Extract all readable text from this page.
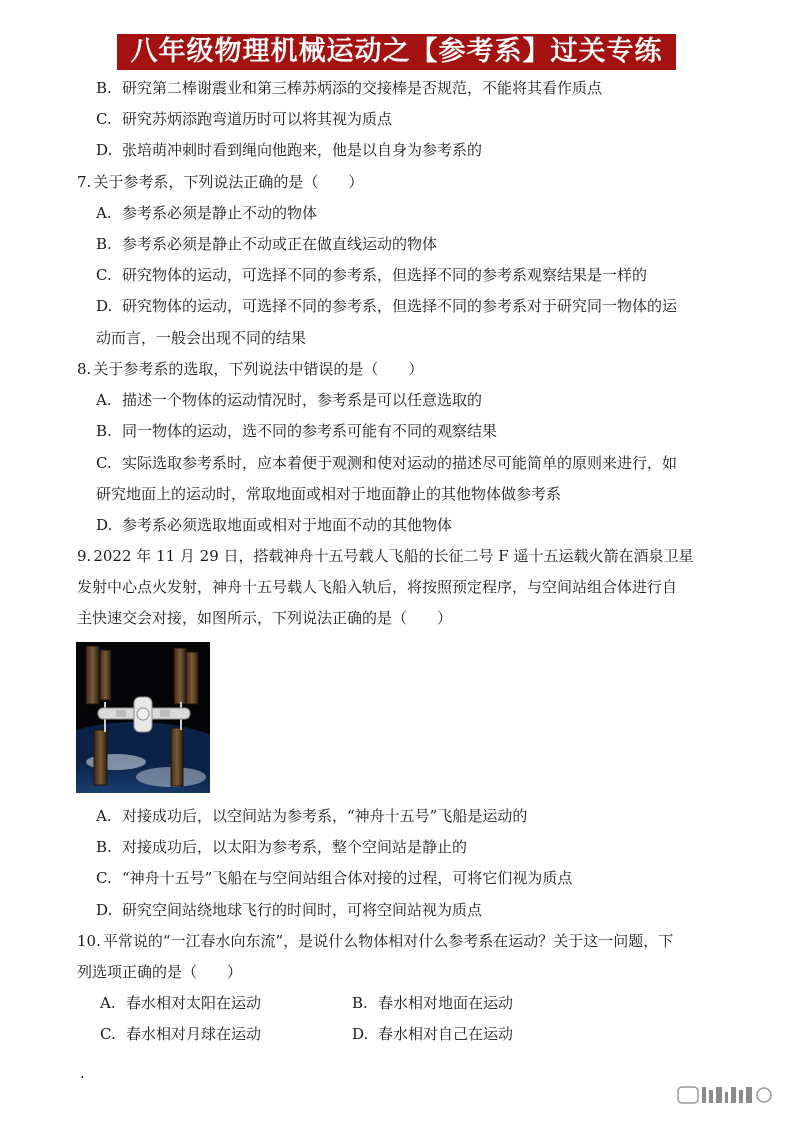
八年级物理机械运动之【参考系】过关专练
B. 研究第二棒谢震业和第三棒苏炳添的交接棒是否规范，不能将其看作质点
C. 研究苏炳添跑弯道历时可以将其视为质点
D. 张培萌冲刺时看到绳向他跑来，他是以自身为参考系的
7. 关于参考系，下列说法正确的是（　　）
A. 参考系必须是静止不动的物体
B. 参考系必须是静止不动或正在做直线运动的物体
C. 研究物体的运动，可选择不同的参考系，但选择不同的参考系观察结果是一样的
D. 研究物体的运动，可选择不同的参考系，但选择不同的参考系对于研究同一物体的运
动而言，一般会出现不同的结果
8. 关于参考系的选取，下列说法中错误的是（　　）
A. 描述一个物体的运动情况时，参考系是可以任意选取的
B. 同一物体的运动，选不同的参考系可能有不同的观察结果
C. 实际选取参考系时，应本着便于观测和使对运动的描述尽可能简单的原则来进行，如
研究地面上的运动时，常取地面或相对于地面静止的其他物体做参考系
D. 参考系必须选取地面或相对于地面不动的其他物体
9. 2022 年 11 月 29 日，搭载神舟十五号载人飞船的长征二号 F 遥十五运载火箭在酒泉卫星
发射中心点火发射，神舟十五号载人飞船入轨后，将按照预定程序，与空间站组合体进行自
主快速交会对接，如图所示，下列说法正确的是（　　）
A. 对接成功后，以空间站为参考系，“神舟十五号”飞船是运动的
B. 对接成功后，以太阳为参考系，整个空间站是静止的
C. “神舟十五号”飞船在与空间站组合体对接的过程，可将它们视为质点
D. 研究空间站绕地球飞行的时间时，可将空间站视为质点
10. 平常说的“一江春水向东流”，是说什么物体相对什么参考系在运动？关于这一问题，下
列选项正确的是（　　）
A. 春水相对太阳在运动	B. 春水相对地面在运动
C. 春水相对月球在运动	D. 春水相对自己在运动
·
